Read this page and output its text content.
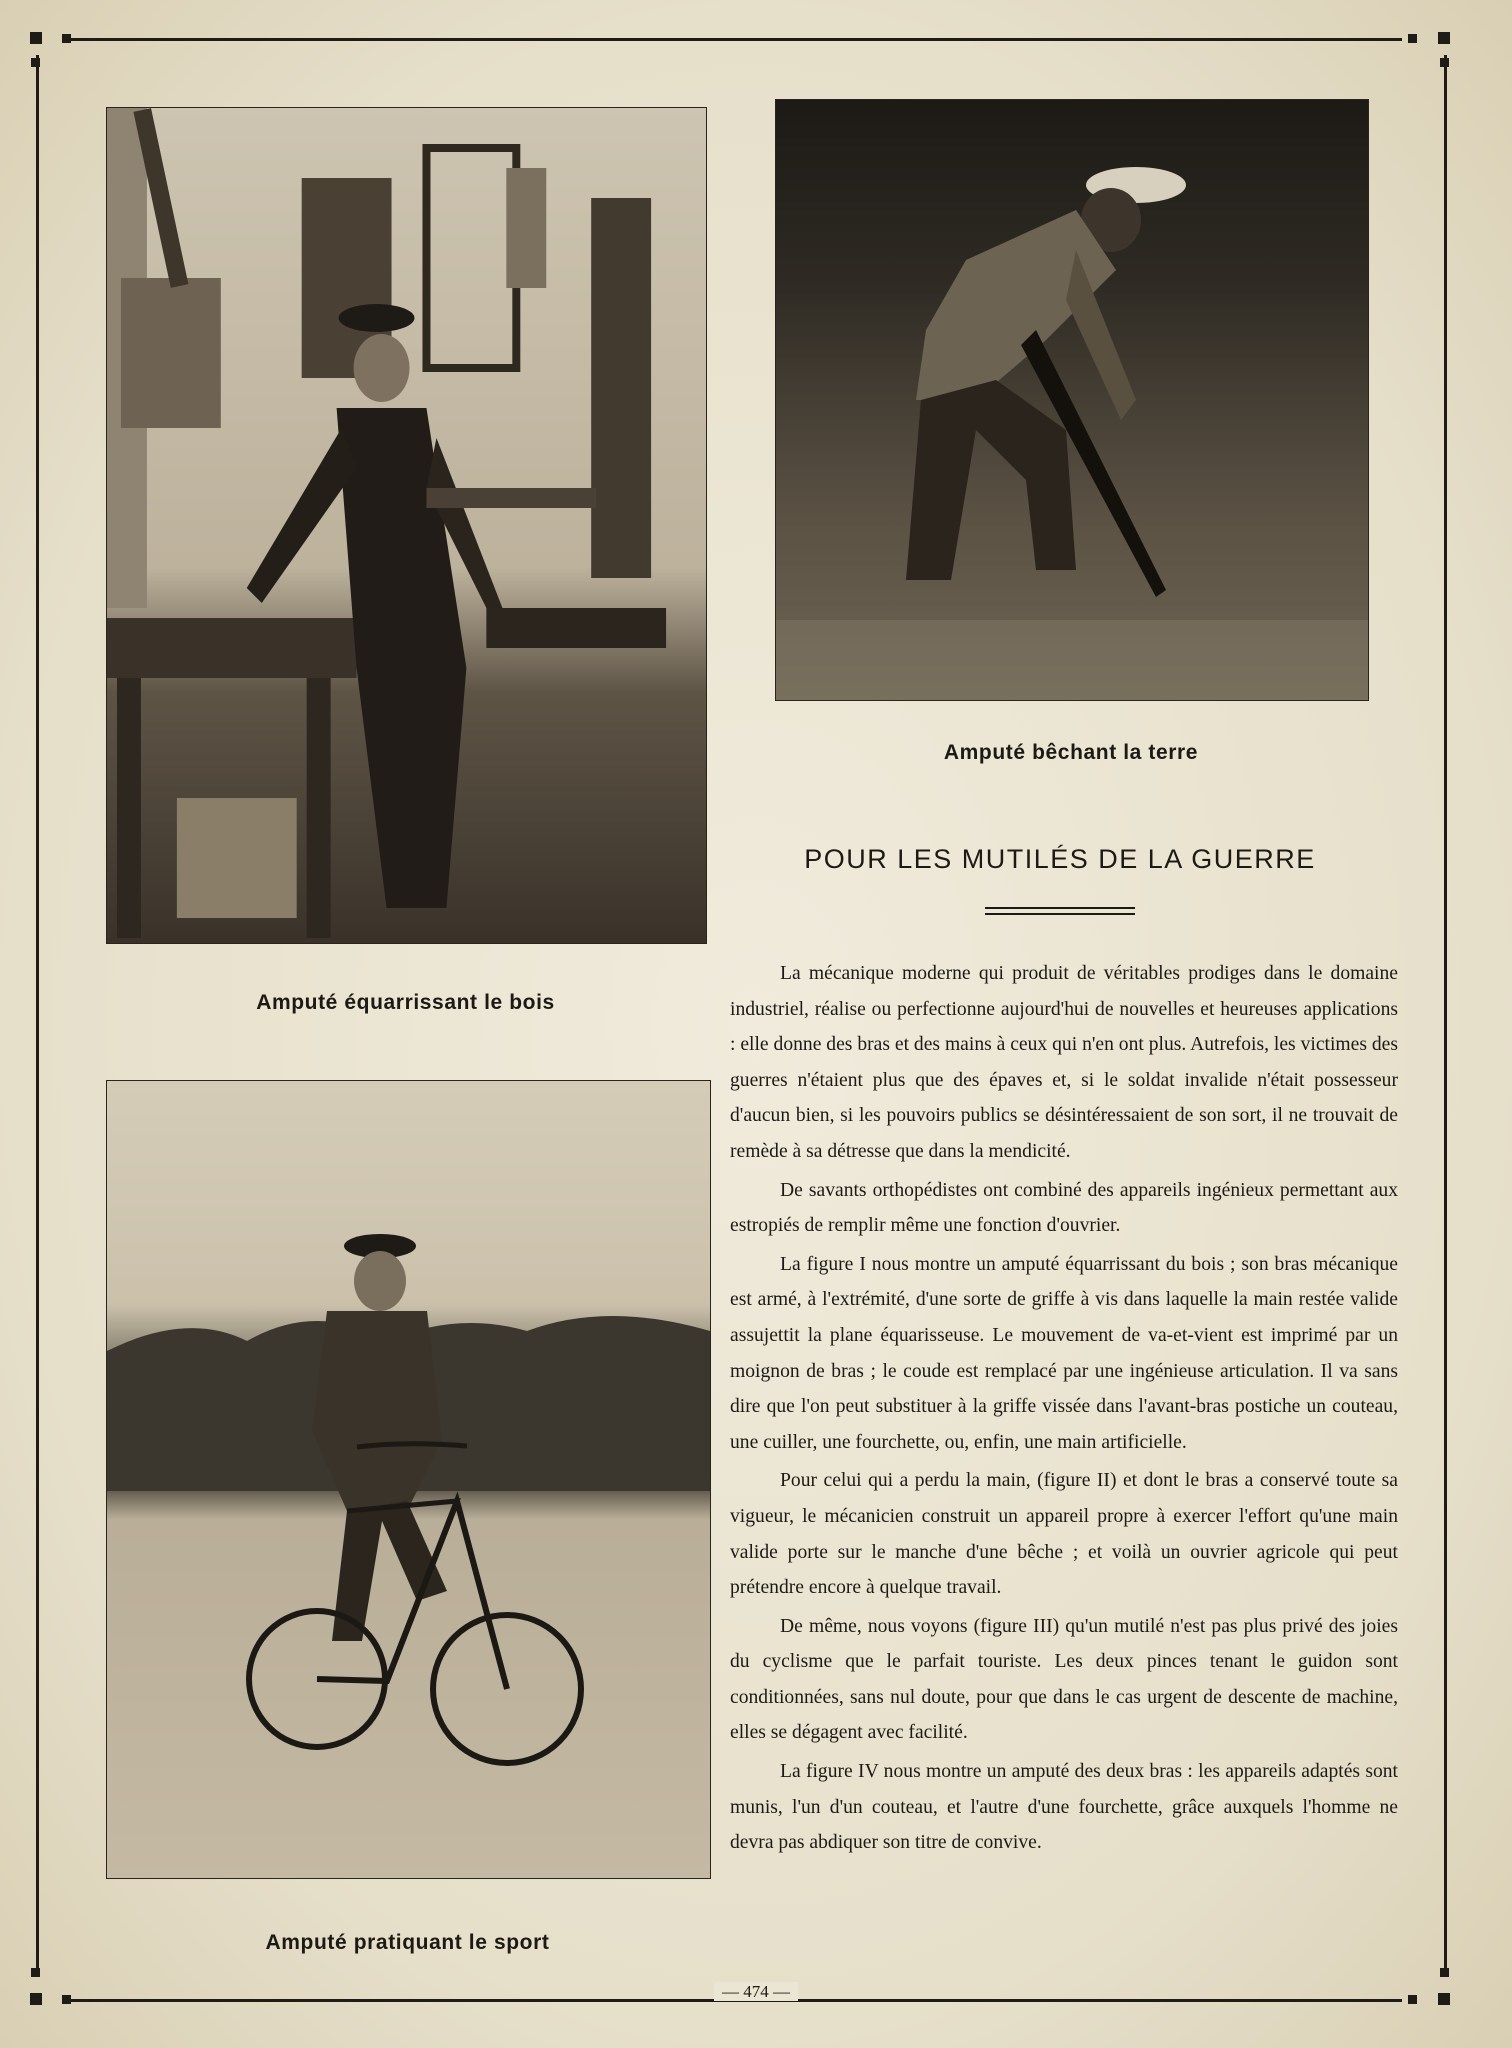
Amputé équarrissant le bois
Amputé bêchant la terre
Amputé pratiquant le sport
POUR LES MUTILÉS DE LA GUERRE

La mécanique moderne qui produit de véritables prodiges dans le domaine industriel, réalise ou perfectionne aujourd'hui de nouvelles et heureuses applications : elle donne des bras et des mains à ceux qui n'en ont plus. Autrefois, les victimes des guerres n'étaient plus que des épaves et, si le soldat invalide n'était possesseur d'aucun bien, si les pouvoirs publics se désintéressaient de son sort, il ne trouvait de remède à sa détresse que dans la mendicité.

De savants orthopédistes ont combiné des appareils ingénieux permettant aux estropiés de remplir même une fonction d'ouvrier.

La figure I nous montre un amputé équarrissant du bois ; son bras mécanique est armé, à l'extrémité, d'une sorte de griffe à vis dans laquelle la main restée valide assujettit la plane équarisseuse. Le mouvement de va-et-vient est imprimé par un moignon de bras ; le coude est remplacé par une ingénieuse articulation. Il va sans dire que l'on peut substituer à la griffe vissée dans l'avant-bras postiche un couteau, une cuiller, une fourchette, ou, enfin, une main artificielle.

Pour celui qui a perdu la main, (figure II) et dont le bras a conservé toute sa vigueur, le mécanicien construit un appareil propre à exercer l'effort qu'une main valide porte sur le manche d'une bêche ; et voilà un ouvrier agricole qui peut prétendre encore à quelque travail.

De même, nous voyons (figure III) qu'un mutilé n'est pas plus privé des joies du cyclisme que le parfait touriste. Les deux pinces tenant le guidon sont conditionnées, sans nul doute, pour que dans le cas urgent de descente de machine, elles se dégagent avec facilité.

La figure IV nous montre un amputé des deux bras : les appareils adaptés sont munis, l'un d'un couteau, et l'autre d'une fourchette, grâce auxquels l'homme ne devra pas abdiquer son titre de convive.

— 474 —
